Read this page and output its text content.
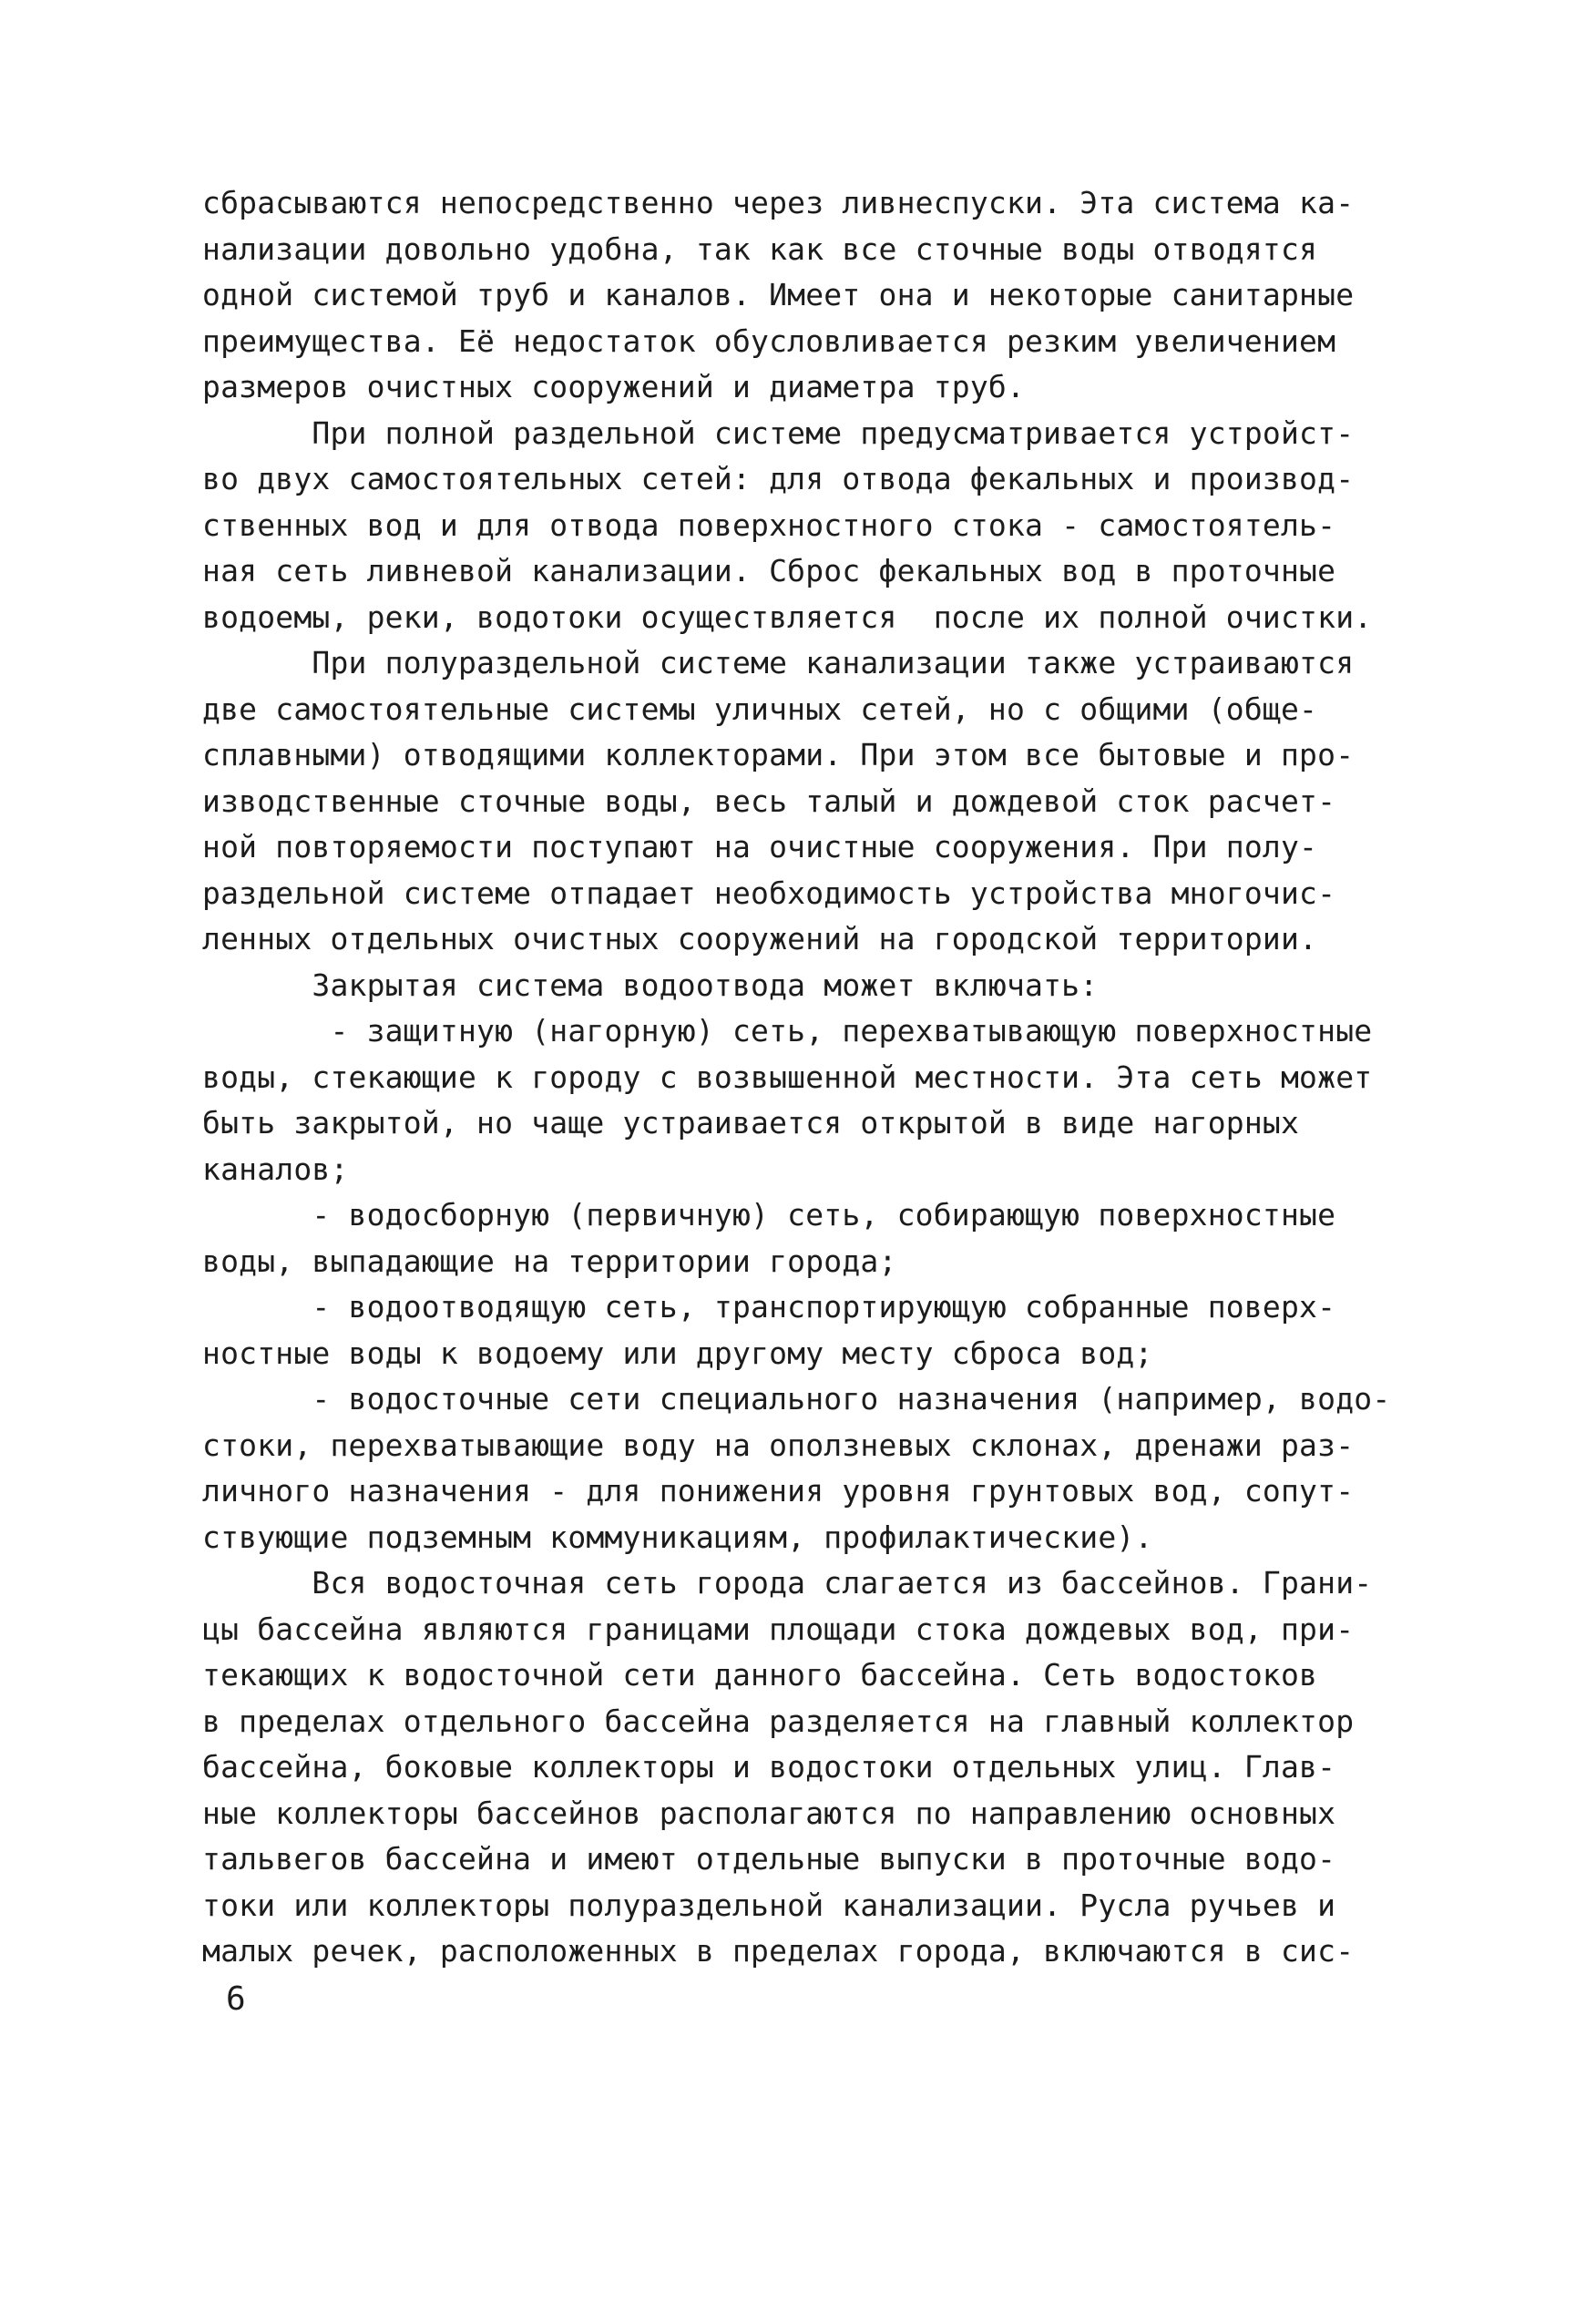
сбрасываются непосредственно через ливнеспуски. Эта система ка-
нализации довольно удобна, так как все сточные воды отводятся
одной системой труб и каналов. Имеет она и некоторые санитарные
преимущества. Её недостаток обусловливается резким увеличением
размеров очистных сооружений и диаметра труб.
При полной раздельной системе предусматривается устройст-
во двух самостоятельных сетей: для отвода фекальных и производ-
ственных вод и для отвода поверхностного стока - самостоятель-
ная сеть ливневой канализации. Сброс фекальных вод в проточные
водоемы, реки, водотоки осуществляется  после их полной очистки.
При полураздельной системе канализации также устраиваются
две самостоятельные системы уличных сетей, но с общими (обще-
сплавными) отводящими коллекторами. При этом все бытовые и про-
изводственные сточные воды, весь талый и дождевой сток расчет-
ной повторяемости поступают на очистные сооружения. При полу-
раздельной системе отпадает необходимость устройства многочис-
ленных отдельных очистных сооружений на городской территории.
Закрытая система водоотвода может включать:
- защитную (нагорную) сеть, перехватывающую поверхностные
воды, стекающие к городу с возвышенной местности. Эта сеть может
быть закрытой, но чаще устраивается открытой в виде нагорных
каналов;
- водосборную (первичную) сеть, собирающую поверхностные
воды, выпадающие на территории города;
- водоотводящую сеть, транспортирующую собранные поверх-
ностные воды к водоему или другому месту сброса вод;
- водосточные сети специального назначения (например, водо-
стоки, перехватывающие воду на оползневых склонах, дренажи раз-
личного назначения - для понижения уровня грунтовых вод, сопут-
ствующие подземным коммуникациям, профилактические).
Вся водосточная сеть города слагается из бассейнов. Грани-
цы бассейна являются границами площади стока дождевых вод, при-
текающих к водосточной сети данного бассейна. Сеть водостоков
в пределах отдельного бассейна разделяется на главный коллектор
бассейна, боковые коллекторы и водостоки отдельных улиц. Глав-
ные коллекторы бассейнов располагаются по направлению основных
тальвегов бассейна и имеют отдельные выпуски в проточные водо-
токи или коллекторы полураздельной канализации. Русла ручьев и
малых речек, расположенных в пределах города, включаются в сис-
6
